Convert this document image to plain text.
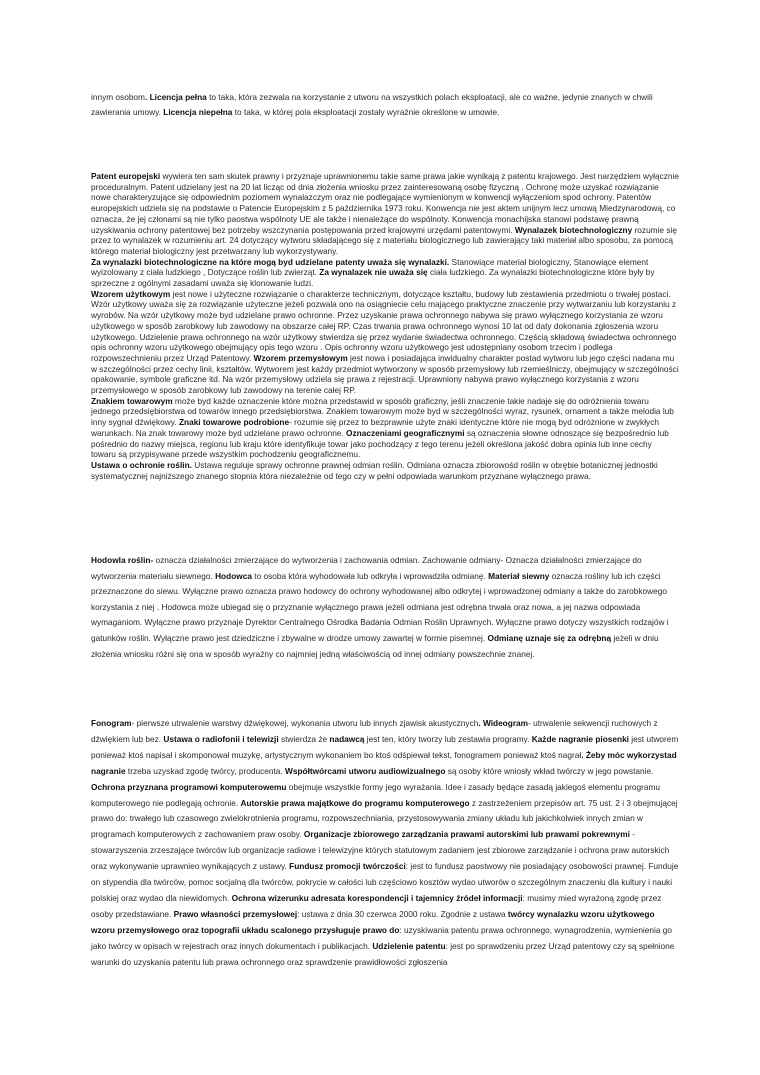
innym osobom. Licencja pełna to taka, która zezwala na korzystanie z utworu na wszystkich polach eksploatacji, ale co ważne, jedynie znanych w chwili zawierania umowy. Licencja niepełna to taka, w której pola eksploatacji zostały wyraźnie określone w umowie.

Patent europejski wywiera ten sam skutek prawny i przyznaje uprawnionemu takie same prawa jakie wynikają z patentu krajowego. Jest narzędziem wyłącznie proceduralnym. Patent udzielany jest na 20 lat licząc od dnia złożenia wniosku przez zainteresowaną osobę fizyczną . Ochronę może uzyskać rozwiązanie nowe charakteryzujące się odpowiednim poziomem wynalazczym oraz nie podlegające wymienionym w konwencji wyłączeniom spod ochrony. Patentów europejskich udziela się na podstawie o Patencie Europejskim z 5 października 1973 roku. Konwencja nie jest aktem unijnym lecz umową Miedzynarodową, co oznacza, że jej członami są nie tylko paostwa wspólnoty UE ale także i nienależące do wspólnoty. Konwencja monachijska stanowi podstawę prawną uzyskiwania ochrony patentowej bez potrzeby wszczynania postępowania przed krajowymi urzędami patentowymi. Wynalazek biotechnologiczny rozumie się przez to wynalazek w rozumieniu art. 24 dotyczący wytworu składającego się z materiału biologicznego lub zawierający taki materiał albo sposobu, za pomocą którego materiał biologiczny jest przetwarzany lub wykorzystywany.

Za wynalazki biotechnologiczne na które mogą byd udzielane patenty uważa się wynalazki. Stanowiące materiał biologiczny, Stanowiące element wyizolowany z ciała ludzkiego , Dotyczące roślin lub zwierząt. Za wynalazek nie uważa się ciała ludzkiego. Za wynalazki biotechnologiczne które były by sprzeczne z ogólnymi zasadami uważa się klonowanie ludzi.

Wzorem użytkowym jest nowe i użyteczne rozwiązanie o charakterze technicznym, dotyczące kształtu, budowy lub zestawienia przedmiotu o trwałej postaci. Wzór użytkowy uważa się za rozwiązanie użyteczne jeżeli pozwala ono na osiągniecie celu mającego praktyczne znaczenie przy wytwarzaniu lub korzystaniu z wyrobów. Na wzór użytkowy może byd udzielane prawo ochronne. Przez uzyskanie prawa ochronnego nabywa się prawo wyłącznego korzystania ze wzoru użytkowego w sposób zarobkowy lub zawodowy na obszarze całej RP. Czas trwania prawa ochronnego wynosi 10 lat od daty dokonania zgłoszenia wzoru użytkowego. Udzielenie prawa ochronnego na wzór użytkowy stwierdza się przez wydanie świadectwa ochronnego. Częścią składową świadectwa ochronnego opis ochronny wzoru użytkowego obejmujący opis tego wzoru . Opis ochronny wzoru użytkowego jest udostępniany osobom trzecim i podlega rozpowszechnieniu przez Urząd Patentowy. Wzorem przemysłowym jest nowa i posiadająca inwidualny charakter postad wytworu lub jego części nadana mu w szczególności przez cechy linii, kształtów. Wytworem jest każdy przedmiot wytworzony w sposób przemysłowy lub rzemieślniczy, obejmujący w szczególności opakowanie, symbole graficzne itd. Na wzór przemysłowy udziela się prawa z rejestracji. Uprawniony nabywa prawo wyłącznego korzystania z wzoru przemysłowego w sposób zarobkowy lub zawodowy na terenie całej RP.

Znakiem towarowym może byd każde oznaczenie które można przedstawid w sposób graficzny, jeśli znaczenie takie nadaje się do odróżnienia towaru jednego przedsiębiorstwa od towarów innego przedsiębiorstwa. Znakiem towarowym może byd w szczególności wyraz, rysunek, ornament a także melodia lub inny sygnał dźwiękowy. Znaki towarowe podrobione- rozumie się przez to bezprawnie użyte znaki identyczne które nie mogą byd odróżnione w zwykłych warunkach. Na znak towarowy może byd udzielane prawo ochronne. Oznaczeniami geograficznymi są oznaczenia słowne odnoszące się bezpośrednio lub pośrednio do nazwy miejsca, regionu lub kraju które identyfikuje towar jako pochodzący z tego terenu jeżeli określona jakość dobra opinia lub inne cechy towaru są przypisywane przede wszystkim pochodzeniu geograficznemu.

Ustawa o ochronie roślin. Ustawa reguluje sprawy ochronne prawnej odmian roślin. Odmiana oznacza zbiorowośd roślin w obrębie botanicznej jednostki systematycznej najniższego znanego stopnia która niezależnie od tego czy w pełni odpowiada warunkom przyznane wyłącznego prawa.

Hodowla roślin- oznacza działalności zmierzające do wytworzenia i zachowania odmian. Zachowanie odmiany- Oznacza działalności zmierzające do wytworzenia materiału siewnego. Hodowca to osoba która wyhodowała lub odkryła i wprowadziła odmianę. Materiał siewny oznacza rośliny lub ich części przeznaczone do siewu. Wyłączne prawo oznacza prawo hodowcy do ochrony wyhodowanej albo odkrytej i wprowadzonej odmiany a także do zarobkowego korzystania z niej . Hodowca może ubiegad się o przyznanie wyłącznego prawa jeżeli odmiana jest odrębna trwała oraz nowa, a jej nazwa odpowiada wymaganiom. Wyłączne prawo przyznaje Dyrektor Centralnego Ośrodka Badania Odmian Roślin Uprawnych. Wyłączne prawo dotyczy wszystkich rodzajów i gatunków roślin. Wyłączne prawo jest dziedziczne i zbywalne w drodze umowy zawartej w formie pisemnej. Odmianę uznaje się za odrębną jeżeli w dniu złożenia wniosku różni się ona w sposób wyraźny co najmniej jedną właściwością od innej odmiany powszechnie znanej.

Fonogram- pierwsze utrwalenie warstwy dźwiękowej, wykonania utworu lub innych zjawisk akustycznych. Wideogram- utrwalenie sekwencji ruchowych z dźwiękiem lub bez. Ustawa o radiofonii i telewizji stwierdza że nadawcą jest ten, który tworzy lub zestawia programy. Każde nagranie piosenki jest utworem ponieważ ktoś napisał i skomponował muzykę, artystycznym wykonaniem bo ktoś odśpiewał tekst, fonogramem ponieważ ktoś nagrał. Żeby móc wykorzystad nagranie trzeba uzyskad zgodę twórcy, producenta. Współtwórcami utworu audiowizualnego są osoby które wniosły wkład twórczy w jego powstanie. Ochrona przyznana programowi komputerowemu obejmuje wszystkie formy jego wyrażania. Idee i zasady będące zasadą jakiegoś elementu programu komputerowego nie podlegają ochronie. Autorskie prawa majątkowe do programu komputerowego z zastrzeżeniem przepisów art. 75 ust. 2 i 3 obejmującej prawo do: trwałego lub czasowego zwielokrotnienia programu, rozpowszechniania, przystosowywania zmiany układu lub jakichkolwiek innych zmian w programach komputerowych z zachowaniem praw osoby. Organizacje zbiorowego zarządzania prawami autorskimi lub prawami pokrewnymi - stowarzyszenia zrzeszające twórców lub organizacje radiowe i telewizyjne których statutowym zadaniem jest zbiorowe zarządzanie i ochrona praw autorskich oraz wykonywanie uprawnieo wynikających z ustawy. Fundusz promocji twórczości: jest to fundusz paostwowy nie posiadający osobowości prawnej. Funduje on stypendia dla twórców, pomoc socjalną dla twórców, pokrycie w całości lub częściowo kosztów wydao utworów o szczególnym znaczeniu dla kultury i nauki polskiej oraz wydao dla niewidomych. Ochrona wizerunku adresata korespondencji i tajemnicy źródeł informacji: musimy mied wyrażoną zgodę przez osoby przedstawiane. Prawo własności przemysłowej: ustawa z dnia 30 czerwca 2000 roku. Zgodnie z ustawa twórcy wynalazku wzoru użytkowego wzoru przemysłowego oraz topografii układu scalonego przysługuje prawo do: uzyskiwania patentu prawa ochronnego, wynagrodzenia, wymienienia go jako twórcy w opisach w rejestrach oraz innych dokumentach i publikacjach. Udzielenie patentu: jest po sprawdzeniu przez Urząd patentowy czy są spełnione warunki do uzyskania patentu lub prawa ochronnego oraz sprawdzenie prawidłowości zgłoszenia
